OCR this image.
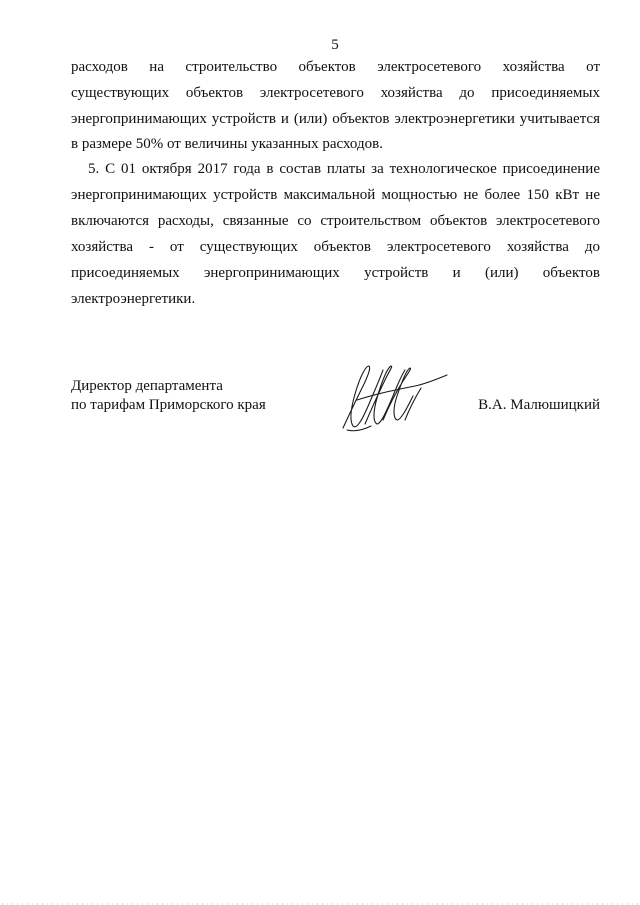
5
расходов на строительство объектов электросетевого хозяйства от
существующих объектов электросетевого хозяйства до присоединяемых
энергопринимающих устройств и (или) объектов электроэнергетики учитывается
в размере 50% от величины указанных расходов.
5. С 01 октября 2017 года в состав платы за технологическое присоединение
энергопринимающих устройств максимальной мощностью не более 150 кВт не
включаются расходы, связанные со строительством объектов электросетевого
хозяйства - от существующих объектов электросетевого хозяйства до
присоединяемых энергопринимающих устройств и (или) объектов
электроэнергетики.
Директор департамента
по тарифам Приморского края	В.А. Малюшицкий
